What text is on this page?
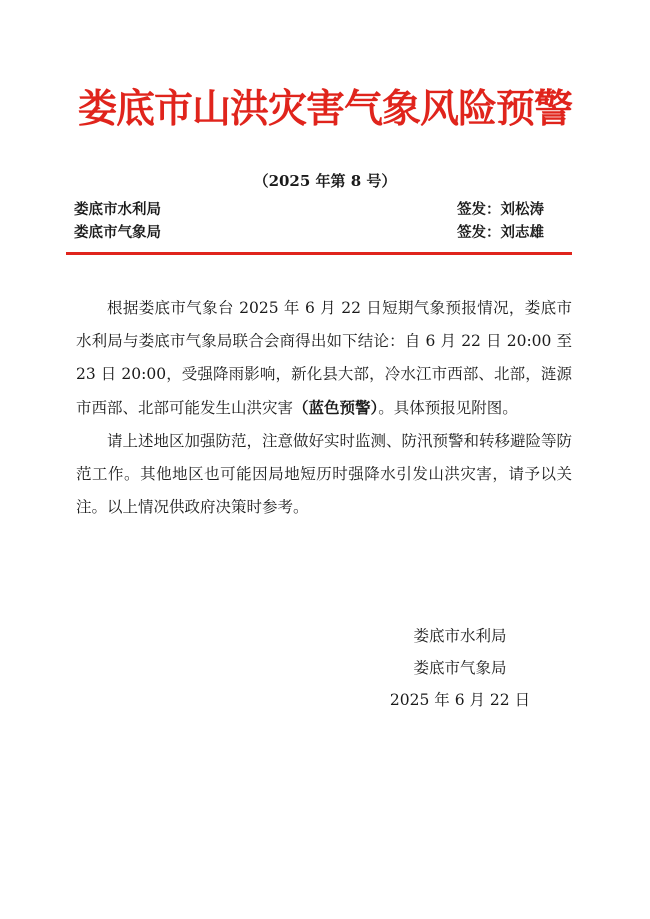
娄底市山洪灾害气象风险预警
（2025 年第 8 号）
娄底市水利局	签发：刘松涛
娄底市气象局	签发：刘志雄

根据娄底市气象台 2025 年 6 月 22 日短期气象预报情况，娄底市水利局与娄底市气象局联合会商得出如下结论：自 6 月 22 日 20:00 至 23 日 20:00，受强降雨影响，新化县大部，冷水江市西部、北部，涟源市西部、北部可能发生山洪灾害（蓝色预警）。具体预报见附图。

请上述地区加强防范，注意做好实时监测、防汛预警和转移避险等防范工作。其他地区也可能因局地短历时强降水引发山洪灾害，请予以关注。以上情况供政府决策时参考。

娄底市水利局
娄底市气象局
2025 年 6 月 22 日
